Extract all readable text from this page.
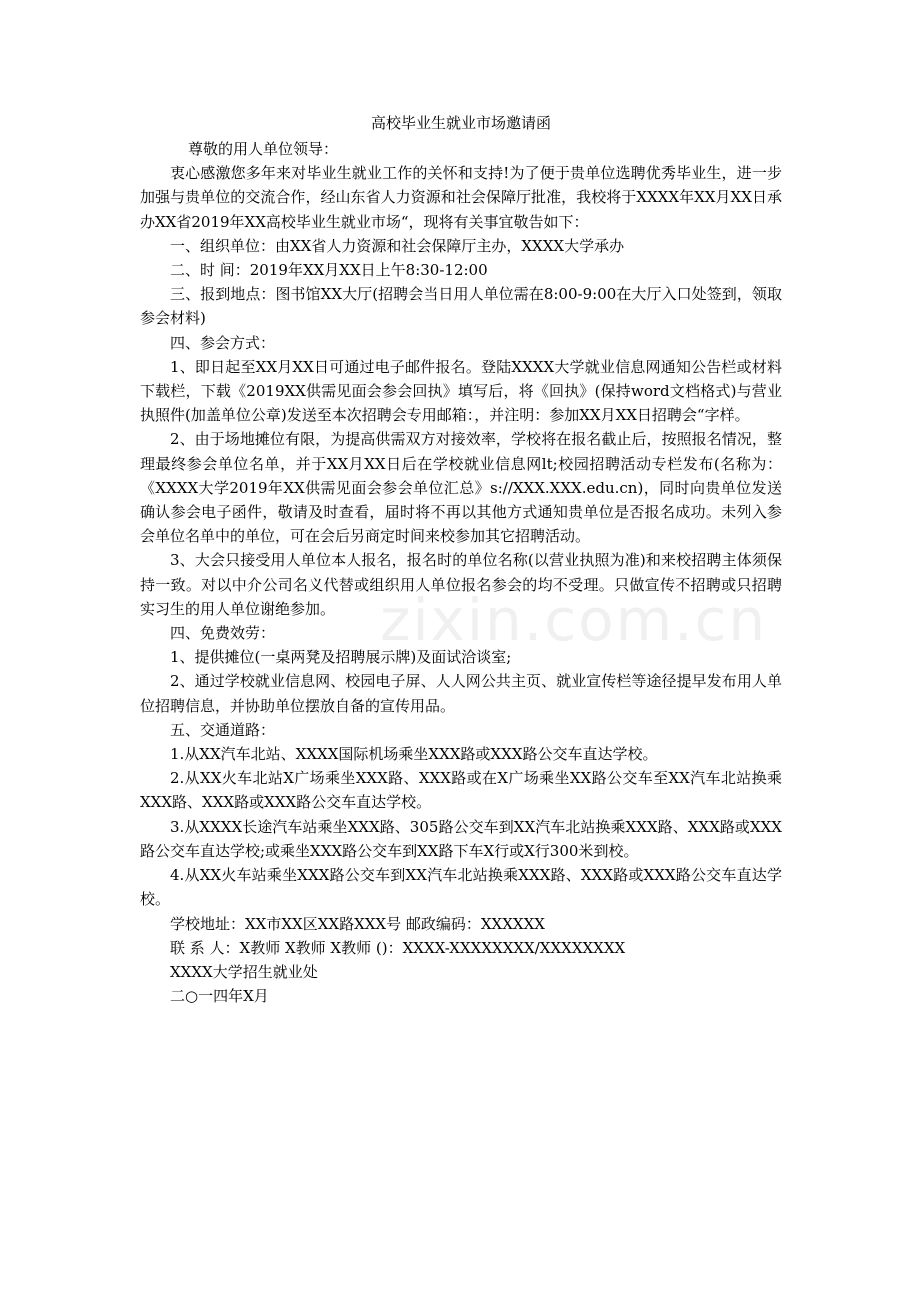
高校毕业生就业市场邀请函

尊敬的用人单位领导：

衷心感激您多年来对毕业生就业工作的关怀和支持!为了便于贵单位选聘优秀毕业生，进一步加强与贵单位的交流合作，经山东省人力资源和社会保障厅批准，我校将于XXXX年XX月XX日承办XX省2019年XX高校毕业生就业市场“，现将有关事宜敬告如下：

一、组织单位：由XX省人力资源和社会保障厅主办，XXXX大学承办

二、时 间：2019年XX月XX日上午8:30-12:00

三、报到地点：图书馆XX大厅(招聘会当日用人单位需在8:00-9:00在大厅入口处签到，领取参会材料)

四、参会方式：

1、即日起至XX月XX日可通过电子邮件报名。登陆XXXX大学就业信息网通知公告栏或材料下载栏，下载《2019XX供需见面会参会回执》填写后，将《回执》(保持word文档格式)与营业执照件(加盖单位公章)发送至本次招聘会专用邮箱：，并注明：参加XX月XX日招聘会“字样。

2、由于场地摊位有限，为提高供需双方对接效率，学校将在报名截止后，按照报名情况，整理最终参会单位名单，并于XX月XX日后在学校就业信息网lt;校园招聘活动专栏发布(名称为：《XXXX大学2019年XX供需见面会参会单位汇总》s://XXX.XXX.edu.cn)，同时向贵单位发送确认参会电子函件，敬请及时查看，届时将不再以其他方式通知贵单位是否报名成功。未列入参会单位名单中的单位，可在会后另商定时间来校参加其它招聘活动。

3、大会只接受用人单位本人报名，报名时的单位名称(以营业执照为准)和来校招聘主体须保持一致。对以中介公司名义代替或组织用人单位报名参会的均不受理。只做宣传不招聘或只招聘实习生的用人单位谢绝参加。

四、免费效劳：

1、提供摊位(一桌两凳及招聘展示牌)及面试洽谈室;

2、通过学校就业信息网、校园电子屏、人人网公共主页、就业宣传栏等途径提早发布用人单位招聘信息，并协助单位摆放自备的宣传用品。

五、交通道路：

1.从XX汽车北站、XXXX国际机场乘坐XXX路或XXX路公交车直达学校。

2.从XX火车北站X广场乘坐XXX路、XXX路或在X广场乘坐XX路公交车至XX汽车北站换乘XXX路、XXX路或XXX路公交车直达学校。

3.从XXXX长途汽车站乘坐XXX路、305路公交车到XX汽车北站换乘XXX路、XXX路或XXX路公交车直达学校;或乘坐XXX路公交车到XX路下车X行或X行300米到校。

4.从XX火车站乘坐XXX路公交车到XX汽车北站换乘XXX路、XXX路或XXX路公交车直达学校。

学校地址：XX市XX区XX路XXX号 邮政编码：XXXXXX

联 系 人：X教师 X教师 X教师 ()：XXXX-XXXXXXXX/XXXXXXXX

XXXX大学招生就业处

二○一四年X月

zixin.com.cn
